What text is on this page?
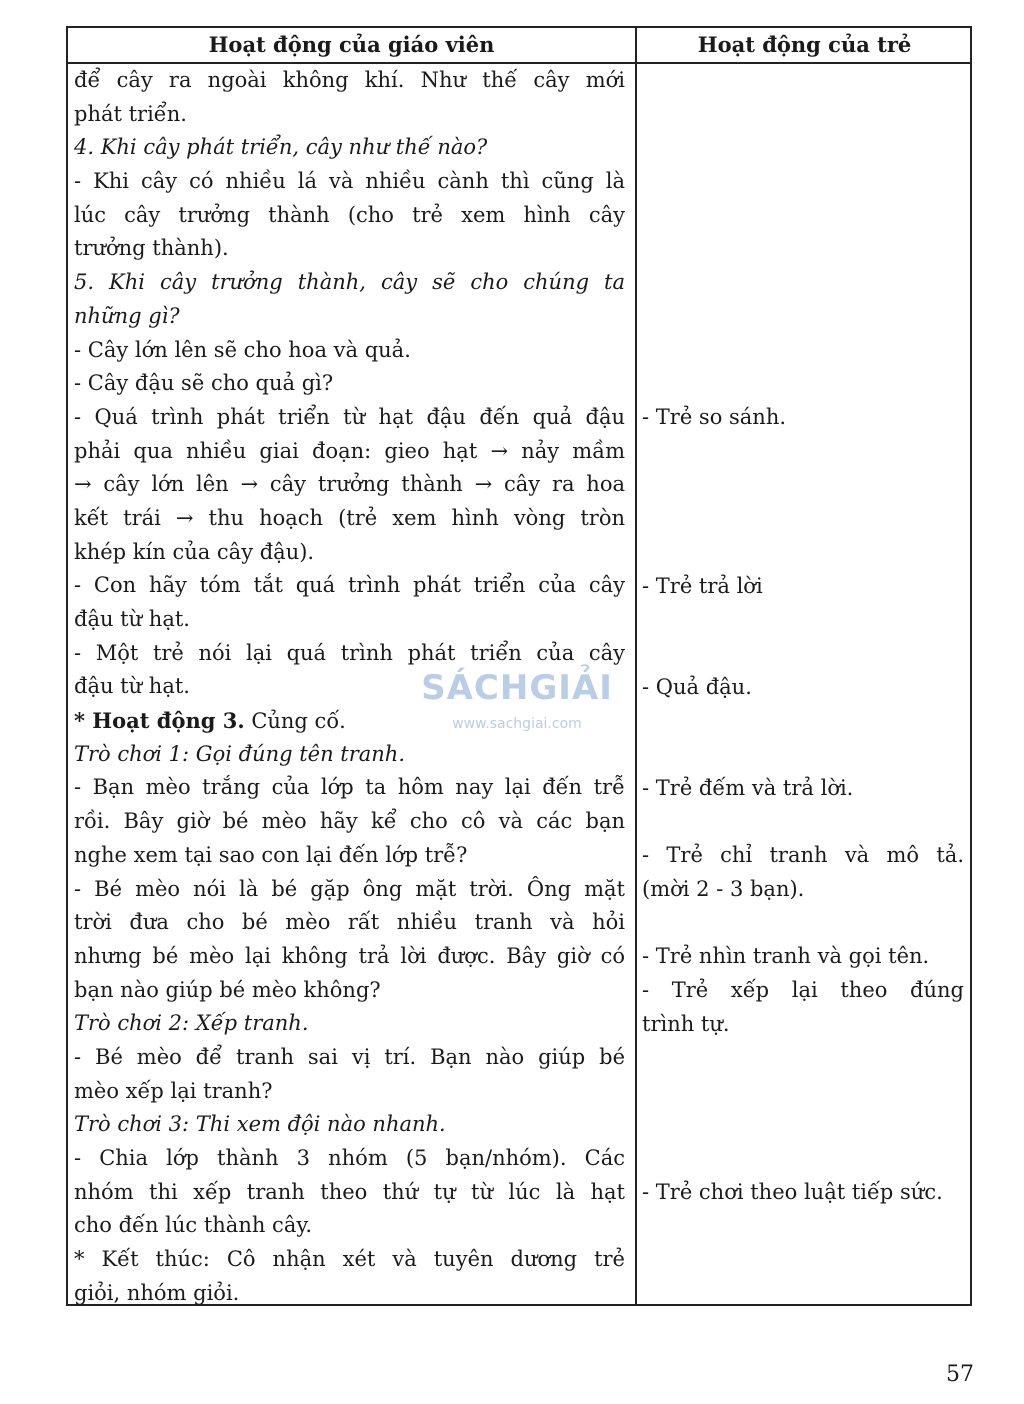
Hoạt động của giáo viên	Hoạt động của trẻ
để cây ra ngoài không khí. Như thế cây mới
phát triển.
4. Khi cây phát triển, cây như thế nào?
- Khi cây có nhiều lá và nhiều cành thì cũng là
lúc cây trưởng thành (cho trẻ xem hình cây
trưởng thành).
5. Khi cây trưởng thành, cây sẽ cho chúng ta
những gì?
- Cây lớn lên sẽ cho hoa và quả.
- Cây đậu sẽ cho quả gì?
- Quá trình phát triển từ hạt đậu đến quả đậu
phải qua nhiều giai đoạn: gieo hạt → nảy mầm
→ cây lớn lên → cây trưởng thành → cây ra hoa
kết trái → thu hoạch (trẻ xem hình vòng tròn
khép kín của cây đậu).
- Con hãy tóm tắt quá trình phát triển của cây
đậu từ hạt.
- Một trẻ nói lại quá trình phát triển của cây
đậu từ hạt.
* Hoạt động 3. Củng cố.
Trò chơi 1: Gọi đúng tên tranh.
- Bạn mèo trắng của lớp ta hôm nay lại đến trễ
rồi. Bây giờ bé mèo hãy kể cho cô và các bạn
nghe xem tại sao con lại đến lớp trễ?
- Bé mèo nói là bé gặp ông mặt trời. Ông mặt
trời đưa cho bé mèo rất nhiều tranh và hỏi
nhưng bé mèo lại không trả lời được. Bây giờ có
bạn nào giúp bé mèo không?
Trò chơi 2: Xếp tranh.
- Bé mèo để tranh sai vị trí. Bạn nào giúp bé
mèo xếp lại tranh?
Trò chơi 3: Thi xem đội nào nhanh.
- Chia lớp thành 3 nhóm (5 bạn/nhóm). Các
nhóm thi xếp tranh theo thứ tự từ lúc là hạt
cho đến lúc thành cây.
* Kết thúc: Cô nhận xét và tuyên dương trẻ
giỏi, nhóm giỏi.
- Trẻ so sánh.
- Trẻ trả lời
- Quả đậu.
- Trẻ đếm và trả lời.
- Trẻ chỉ tranh và mô tả.
(mời 2 - 3 bạn).
- Trẻ nhìn tranh và gọi tên.
- Trẻ xếp lại theo đúng
trình tự.
- Trẻ chơi theo luật tiếp sức.
SÁCHGIẢI
www.sachgiai.com
57
